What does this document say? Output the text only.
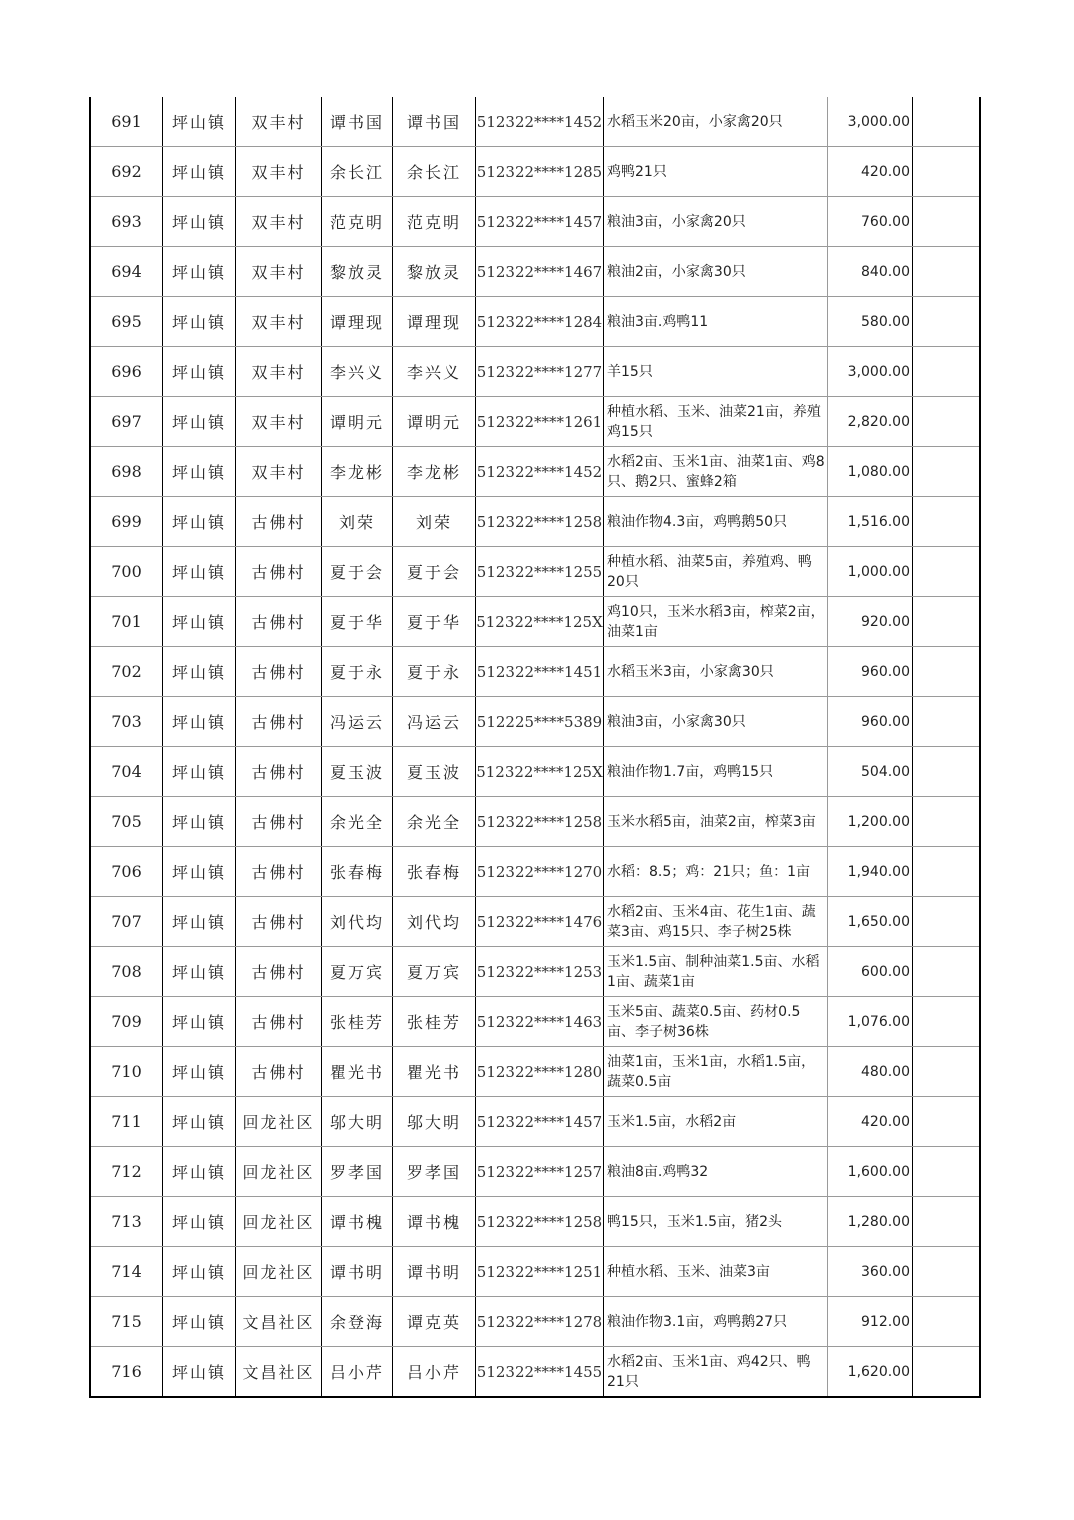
691	坪山镇	双丰村	谭书国	谭书国	512322****1452	水稻玉米20亩，小家禽20只	3,000.00	
692	坪山镇	双丰村	余长江	余长江	512322****1285	鸡鸭21只	420.00	
693	坪山镇	双丰村	范克明	范克明	512322****1457	粮油3亩，小家禽20只	760.00	
694	坪山镇	双丰村	黎放灵	黎放灵	512322****1467	粮油2亩，小家禽30只	840.00	
695	坪山镇	双丰村	谭理现	谭理现	512322****1284	粮油3亩.鸡鸭11	580.00	
696	坪山镇	双丰村	李兴义	李兴义	512322****1277	羊15只	3,000.00	
697	坪山镇	双丰村	谭明元	谭明元	512322****1261	种植水稻、玉米、油菜21亩，养殖鸡15只	2,820.00	
698	坪山镇	双丰村	李龙彬	李龙彬	512322****1452	水稻2亩、玉米1亩、油菜1亩、鸡8只、鹅2只、蜜蜂2箱	1,080.00	
699	坪山镇	古佛村	刘荣	刘荣	512322****1258	粮油作物4.3亩，鸡鸭鹅50只	1,516.00	
700	坪山镇	古佛村	夏于会	夏于会	512322****1255	种植水稻、油菜5亩，养殖鸡、鸭20只	1,000.00	
701	坪山镇	古佛村	夏于华	夏于华	512322****125X	鸡10只，玉米水稻3亩，榨菜2亩，油菜1亩	920.00	
702	坪山镇	古佛村	夏于永	夏于永	512322****1451	水稻玉米3亩，小家禽30只	960.00	
703	坪山镇	古佛村	冯运云	冯运云	512225****5389	粮油3亩，小家禽30只	960.00	
704	坪山镇	古佛村	夏玉波	夏玉波	512322****125X	粮油作物1.7亩，鸡鸭15只	504.00	
705	坪山镇	古佛村	余光全	余光全	512322****1258	玉米水稻5亩，油菜2亩，榨菜3亩	1,200.00	
706	坪山镇	古佛村	张春梅	张春梅	512322****1270	水稻：8.5；鸡：21只；鱼：1亩	1,940.00	
707	坪山镇	古佛村	刘代均	刘代均	512322****1476	水稻2亩、玉米4亩、花生1亩、蔬菜3亩、鸡15只、李子树25株	1,650.00	
708	坪山镇	古佛村	夏万宾	夏万宾	512322****1253	玉米1.5亩、制种油菜1.5亩、水稻1亩、蔬菜1亩	600.00	
709	坪山镇	古佛村	张桂芳	张桂芳	512322****1463	玉米5亩、蔬菜0.5亩、药材0.5亩、李子树36株	1,076.00	
710	坪山镇	古佛村	瞿光书	瞿光书	512322****1280	油菜1亩，玉米1亩，水稻1.5亩，蔬菜0.5亩	480.00	
711	坪山镇	回龙社区	邬大明	邬大明	512322****1457	玉米1.5亩，水稻2亩	420.00	
712	坪山镇	回龙社区	罗孝国	罗孝国	512322****1257	粮油8亩.鸡鸭32	1,600.00	
713	坪山镇	回龙社区	谭书槐	谭书槐	512322****1258	鸭15只，玉米1.5亩，猪2头	1,280.00	
714	坪山镇	回龙社区	谭书明	谭书明	512322****1251	种植水稻、玉米、油菜3亩	360.00	
715	坪山镇	文昌社区	余登海	谭克英	512322****1278	粮油作物3.1亩，鸡鸭鹅27只	912.00	
716	坪山镇	文昌社区	吕小芹	吕小芹	512322****1455	水稻2亩、玉米1亩、鸡42只、鸭21只	1,620.00	
